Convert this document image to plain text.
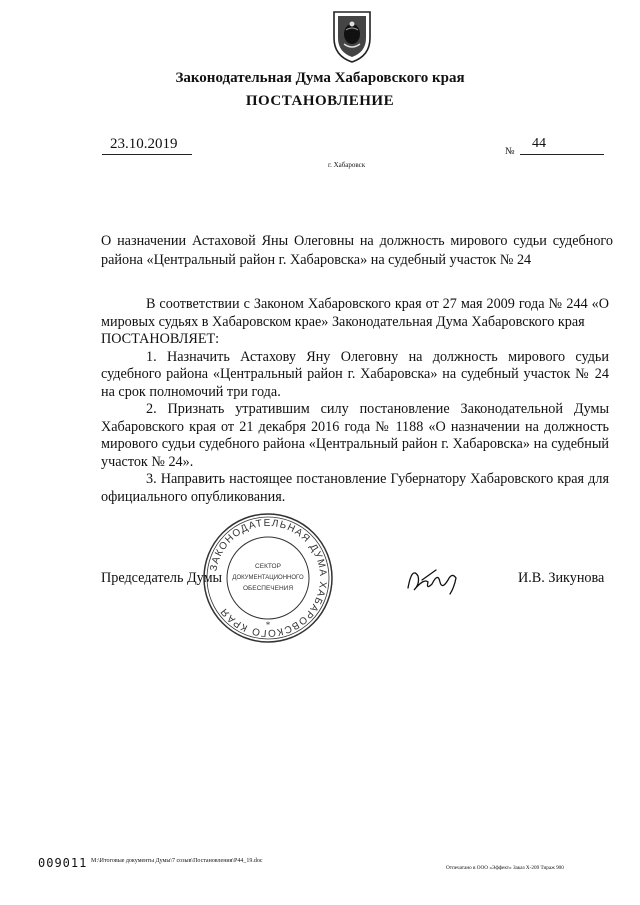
Законодательная Дума Хабаровского края
ПОСТАНОВЛЕНИЕ
23.10.2019	№
44
г. Хабаровск
О назначении Астаховой Яны Олеговны на должность мирового судьи судебного района «Центральный район г. Хабаровска» на судебный участок № 24

В соответствии с Законом Хабаровского края от 27 мая 2009 года № 244 «О мировых судьях в Хабаровском крае» Законодательная Дума Хабаровского края

ПОСТАНОВЛЯЕТ:

1. Назначить Астахову Яну Олеговну на должность мирового судьи судебного района «Центральный район г. Хабаровска» на судебный участок № 24 на срок полномочий три года.

2. Признать утратившим силу постановление Законодательной Думы Хабаровского края от 21 декабря 2016 года № 1188 «О назначении на должность мирового судьи судебного района «Центральный район г. Хабаровска» на судебный участок № 24».

3. Направить настоящее постановление Губернатору Хабаровского края для официального опубликования.

ЗАКОНОДАТЕЛЬНАЯ ДУМА ХАБАРОВСКОГО КРАЯ
СЕКТОР
ДОКУМЕНТАЦИОННОГО
ОБЕСПЕЧЕНИЯ
*
Председатель Думы	И.В. Зикунова
009011 M:\Итоговые документы Думы\7 созыв\Постановления\Р44_19.doc
Отпечатано в ООО «Эффект» Заказ Х-209 Тираж 900
